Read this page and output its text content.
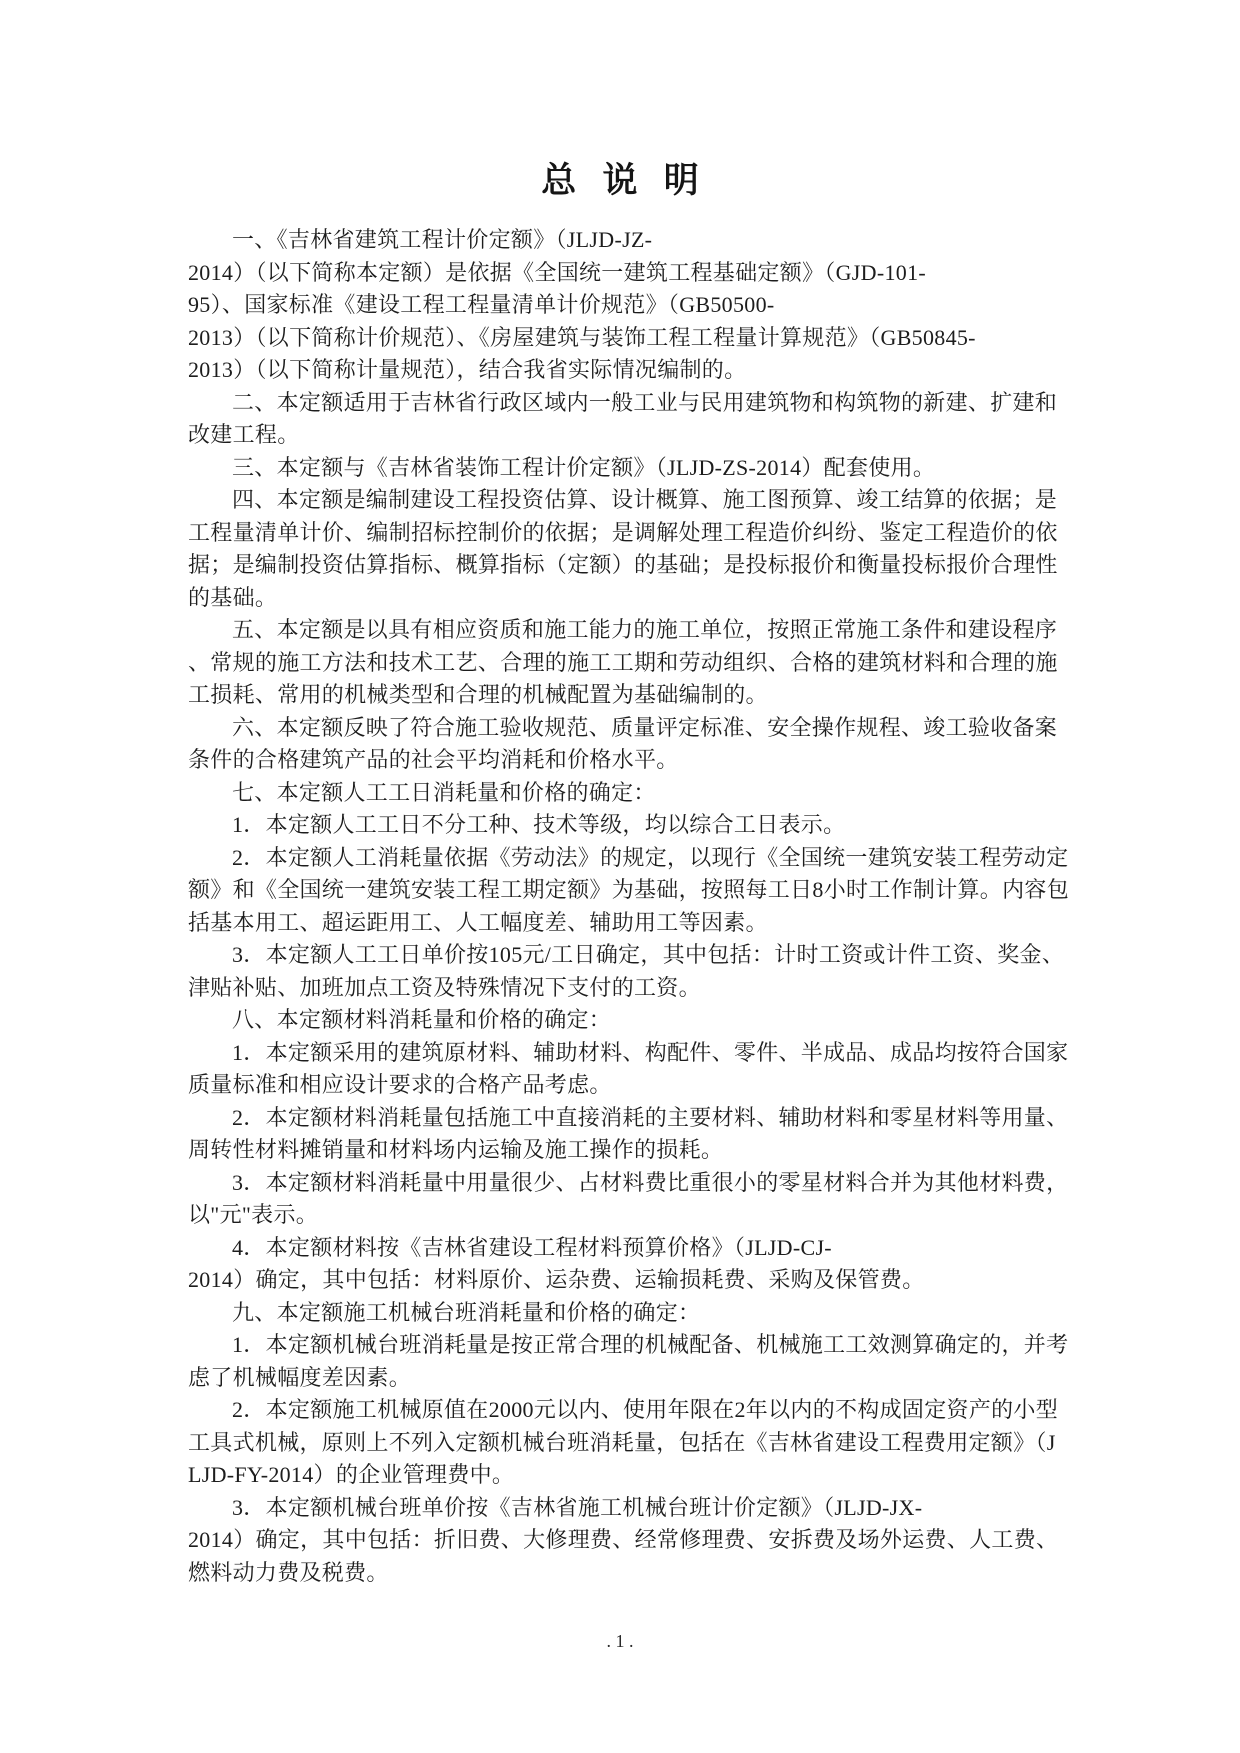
总   说   明
一、《吉林省建筑工程计价定额》（JLJD-JZ-
2014）（以下简称本定额）是依据《全国统一建筑工程基础定额》（GJD-101-
95）、国家标准《建设工程工程量清单计价规范》（GB50500-
2013）（以下简称计价规范）、《房屋建筑与装饰工程工程量计算规范》（GB50845-
2013）（以下简称计量规范），结合我省实际情况编制的。
二、本定额适用于吉林省行政区域内一般工业与民用建筑物和构筑物的新建、扩建和
改建工程。
三、本定额与《吉林省装饰工程计价定额》（JLJD-ZS-2014）配套使用。
四、本定额是编制建设工程投资估算、设计概算、施工图预算、竣工结算的依据；是
工程量清单计价、编制招标控制价的依据；是调解处理工程造价纠纷、鉴定工程造价的依
据；是编制投资估算指标、概算指标（定额）的基础；是投标报价和衡量投标报价合理性
的基础。
五、本定额是以具有相应资质和施工能力的施工单位，按照正常施工条件和建设程序
、常规的施工方法和技术工艺、合理的施工工期和劳动组织、合格的建筑材料和合理的施
工损耗、常用的机械类型和合理的机械配置为基础编制的。
六、本定额反映了符合施工验收规范、质量评定标准、安全操作规程、竣工验收备案
条件的合格建筑产品的社会平均消耗和价格水平。
七、本定额人工工日消耗量和价格的确定：
1．本定额人工工日不分工种、技术等级，均以综合工日表示。
2．本定额人工消耗量依据《劳动法》的规定，以现行《全国统一建筑安装工程劳动定
额》和《全国统一建筑安装工程工期定额》为基础，按照每工日8小时工作制计算。内容包
括基本用工、超运距用工、人工幅度差、辅助用工等因素。
3．本定额人工工日单价按105元/工日确定，其中包括：计时工资或计件工资、奖金、
津贴补贴、加班加点工资及特殊情况下支付的工资。
八、本定额材料消耗量和价格的确定：
1．本定额采用的建筑原材料、辅助材料、构配件、零件、半成品、成品均按符合国家
质量标准和相应设计要求的合格产品考虑。
2．本定额材料消耗量包括施工中直接消耗的主要材料、辅助材料和零星材料等用量、
周转性材料摊销量和材料场内运输及施工操作的损耗。
3．本定额材料消耗量中用量很少、占材料费比重很小的零星材料合并为其他材料费，
以"元"表示。
4．本定额材料按《吉林省建设工程材料预算价格》（JLJD-CJ-
2014）确定，其中包括：材料原价、运杂费、运输损耗费、采购及保管费。
九、本定额施工机械台班消耗量和价格的确定：
1．本定额机械台班消耗量是按正常合理的机械配备、机械施工工效测算确定的，并考
虑了机械幅度差因素。
2．本定额施工机械原值在2000元以内、使用年限在2年以内的不构成固定资产的小型
工具式机械，原则上不列入定额机械台班消耗量，包括在《吉林省建设工程费用定额》（J
LJD-FY-2014）的企业管理费中。
3．本定额机械台班单价按《吉林省施工机械台班计价定额》（JLJD-JX-
2014）确定，其中包括：折旧费、大修理费、经常修理费、安拆费及场外运费、人工费、
燃料动力费及税费。
. 1 .
